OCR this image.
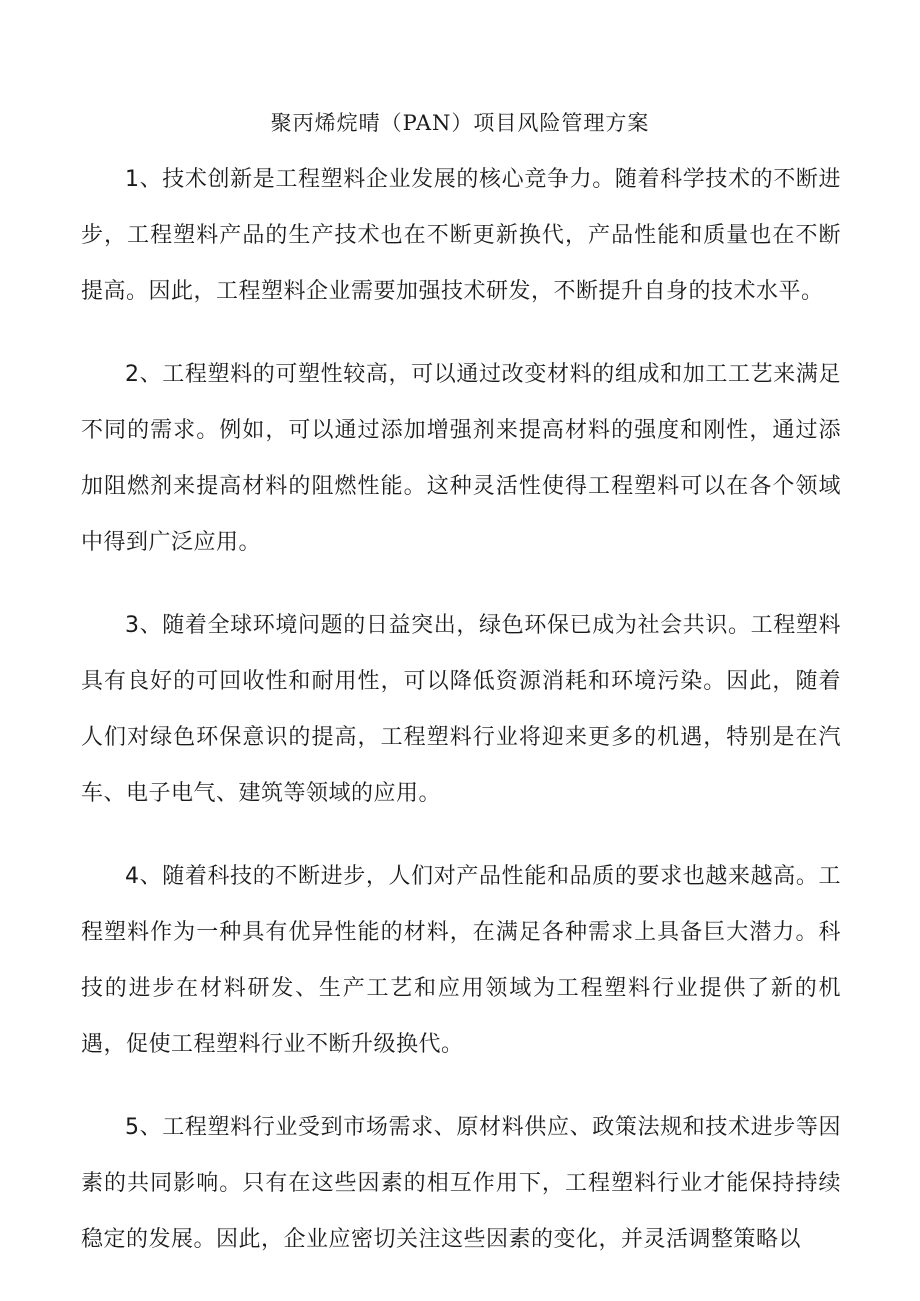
聚丙烯烷晴（PAN）项目风险管理方案

1、技术创新是工程塑料企业发展的核心竞争力。随着科学技术的不断进步，工程塑料产品的生产技术也在不断更新换代，产品性能和质量也在不断提高。因此，工程塑料企业需要加强技术研发，不断提升自身的技术水平。

2、工程塑料的可塑性较高，可以通过改变材料的组成和加工工艺来满足不同的需求。例如，可以通过添加增强剂来提高材料的强度和刚性，通过添加阻燃剂来提高材料的阻燃性能。这种灵活性使得工程塑料可以在各个领域中得到广泛应用。

3、随着全球环境问题的日益突出，绿色环保已成为社会共识。工程塑料具有良好的可回收性和耐用性，可以降低资源消耗和环境污染。因此，随着人们对绿色环保意识的提高，工程塑料行业将迎来更多的机遇，特别是在汽车、电子电气、建筑等领域的应用。

4、随着科技的不断进步，人们对产品性能和品质的要求也越来越高。工程塑料作为一种具有优异性能的材料，在满足各种需求上具备巨大潜力。科技的进步在材料研发、生产工艺和应用领域为工程塑料行业提供了新的机遇，促使工程塑料行业不断升级换代。

5、工程塑料行业受到市场需求、原材料供应、政策法规和技术进步等因素的共同影响。只有在这些因素的相互作用下，工程塑料行业才能保持持续稳定的发展。因此，企业应密切关注这些因素的变化，并灵活调整策略以
